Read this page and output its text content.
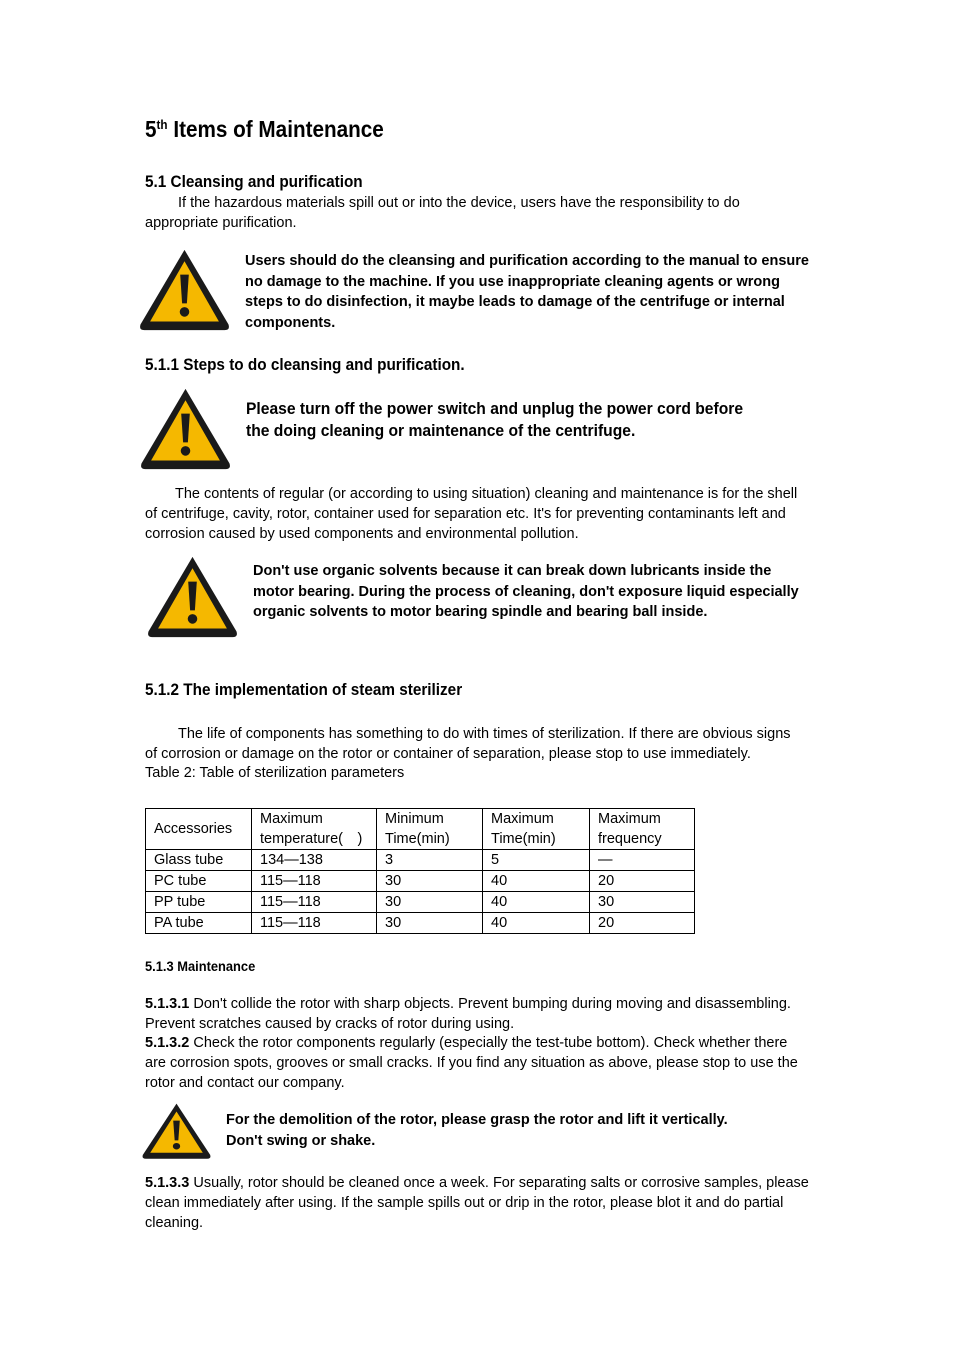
5th Items of Maintenance
5.1 Cleansing and purification
If the hazardous materials spill out or into the device, users have the responsibility to do appropriate purification.
Users should do the cleansing and purification according to the manual to ensure no damage to the machine. If you use inappropriate cleaning agents or wrong steps to do disinfection, it maybe leads to damage of the centrifuge or internal components.
5.1.1 Steps to do cleansing and purification.
Please turn off the power switch and unplug the power cord before the doing cleaning or maintenance of the centrifuge.
The contents of regular (or according to using situation) cleaning and maintenance is for the shell of centrifuge, cavity, rotor, container used for separation etc. It's for preventing contaminants left and corrosion caused by used components and environmental pollution.
Don't use organic solvents because it can break down lubricants inside the motor bearing. During the process of cleaning, don't exposure liquid especially organic solvents to motor bearing spindle and bearing ball inside.
5.1.2 The implementation of steam sterilizer
The life of components has something to do with times of sterilization. If there are obvious signs of corrosion or damage on the rotor or container of separation, please stop to use immediately.
Table 2: Table of sterilization parameters
Accessories	Maximum temperature( )	Minimum Time(min)	Maximum Time(min)	Maximum frequency
Glass tube	134—138	3	5	—
PC tube	115—118	30	40	20
PP tube	115—118	30	40	30
PA tube	115—118	30	40	20
5.1.3 Maintenance
5.1.3.1 Don't collide the rotor with sharp objects. Prevent bumping during moving and disassembling. Prevent scratches caused by cracks of rotor during using.
5.1.3.2 Check the rotor components regularly (especially the test-tube bottom). Check whether there are corrosion spots, grooves or small cracks. If you find any situation as above, please stop to use the rotor and contact our company.
For the demolition of the rotor, please grasp the rotor and lift it vertically.
Don't swing or shake.
5.1.3.3 Usually, rotor should be cleaned once a week. For separating salts or corrosive samples, please clean immediately after using. If the sample spills out or drip in the rotor, please blot it and do partial cleaning.
